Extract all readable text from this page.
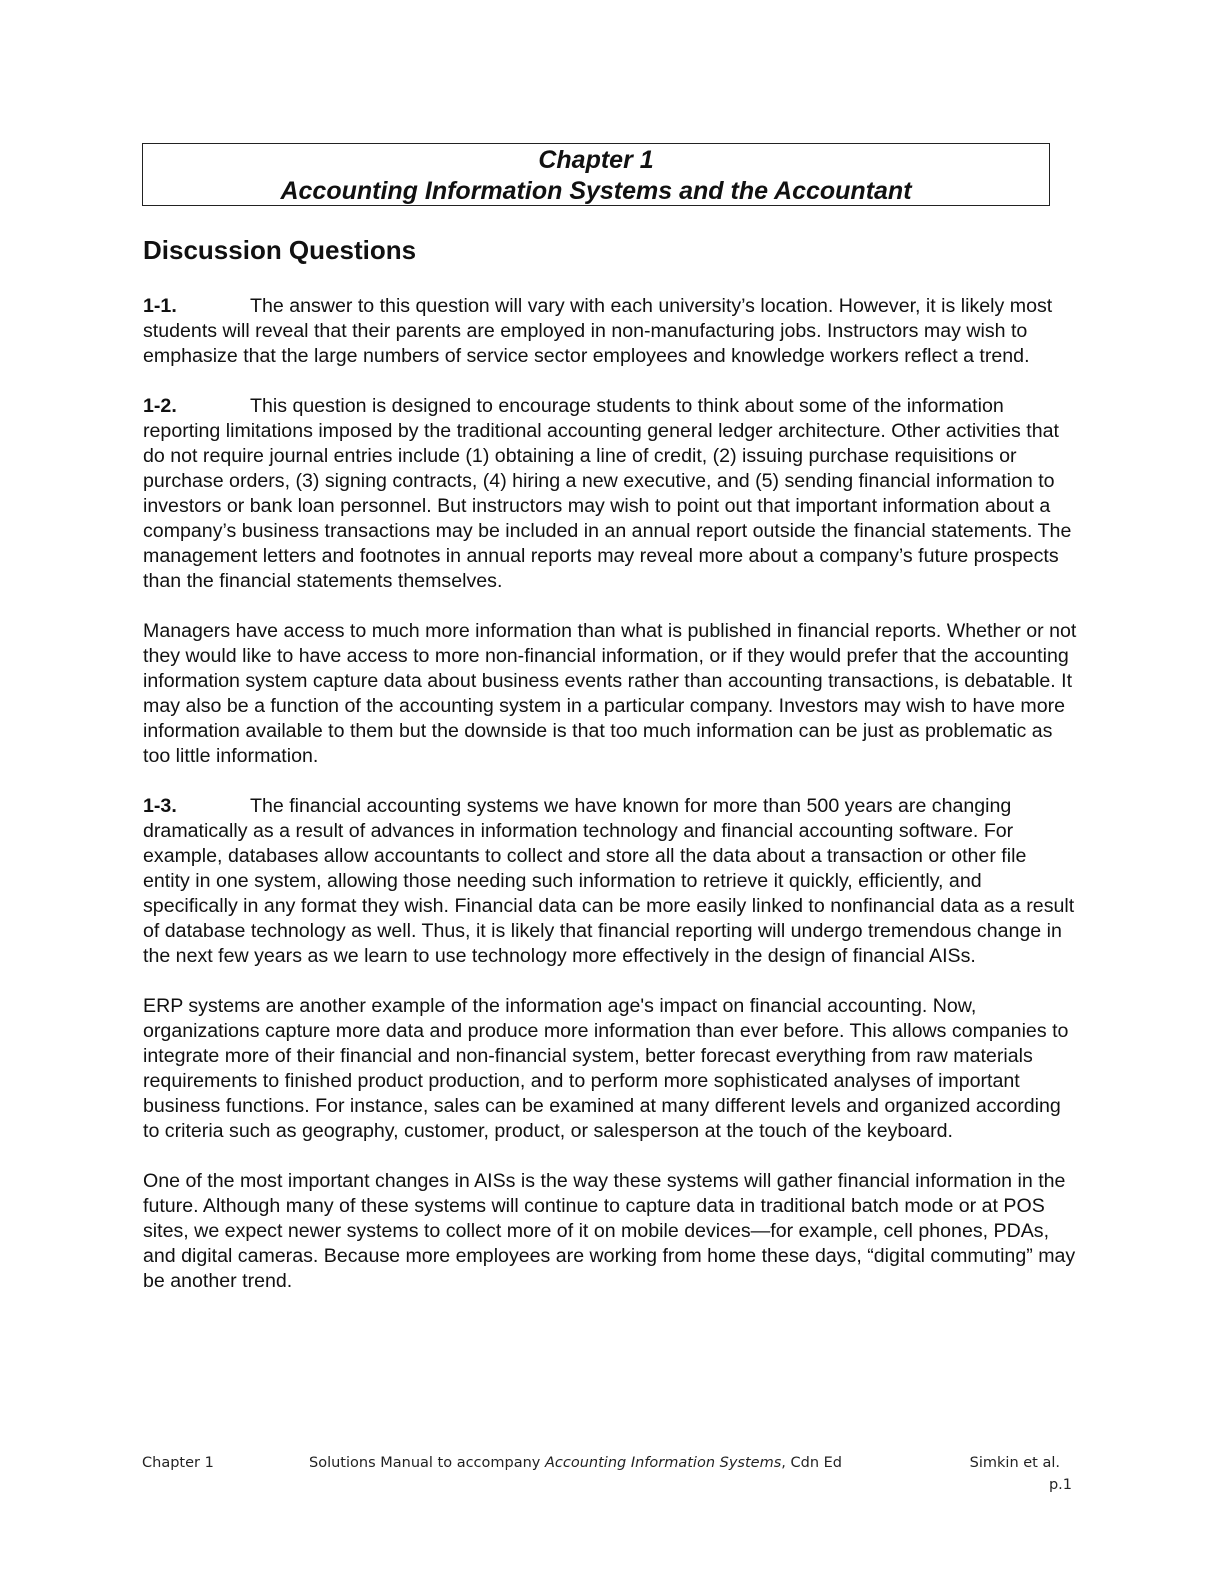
Chapter 1
Accounting Information Systems and the Accountant
Discussion Questions

1-1.	The answer to this question will vary with each university’s location. However, it is likely most students will reveal that their parents are employed in non-manufacturing jobs. Instructors may wish to emphasize that the large numbers of service sector employees and knowledge workers reflect a trend.

1-2.	This question is designed to encourage students to think about some of the information reporting limitations imposed by the traditional accounting general ledger architecture. Other activities that do not require journal entries include (1) obtaining a line of credit, (2) issuing purchase requisitions or purchase orders, (3) signing contracts, (4) hiring a new executive, and (5) sending financial information to investors or bank loan personnel. But instructors may wish to point out that important information about a company’s business transactions may be included in an annual report outside the financial statements. The management letters and footnotes in annual reports may reveal more about a company’s future prospects than the financial statements themselves.

Managers have access to much more information than what is published in financial reports. Whether or not they would like to have access to more non-financial information, or if they would prefer that the accounting information system capture data about business events rather than accounting transactions, is debatable. It may also be a function of the accounting system in a particular company. Investors may wish to have more information available to them but the downside is that too much information can be just as problematic as too little information.

1-3.	The financial accounting systems we have known for more than 500 years are changing dramatically as a result of advances in information technology and financial accounting software. For example, databases allow accountants to collect and store all the data about a transaction or other file entity in one system, allowing those needing such information to retrieve it quickly, efficiently, and specifically in any format they wish. Financial data can be more easily linked to nonfinancial data as a result of database technology as well. Thus, it is likely that financial reporting will undergo tremendous change in the next few years as we learn to use technology more effectively in the design of financial AISs.

ERP systems are another example of the information age's impact on financial accounting. Now, organizations capture more data and produce more information than ever before. This allows companies to integrate more of their financial and non-financial system, better forecast everything from raw materials requirements to finished product production, and to perform more sophisticated analyses of important business functions. For instance, sales can be examined at many different levels and organized according to criteria such as geography, customer, product, or salesperson at the touch of the keyboard.

One of the most important changes in AISs is the way these systems will gather financial information in the future. Although many of these systems will continue to capture data in traditional batch mode or at POS sites, we expect newer systems to collect more of it on mobile devices—for example, cell phones, PDAs, and digital cameras. Because more employees are working from home these days, “digital commuting” may be another trend.

Chapter 1	Solutions Manual to accompany Accounting Information Systems, Cdn Ed	Simkin et al.
p.1
